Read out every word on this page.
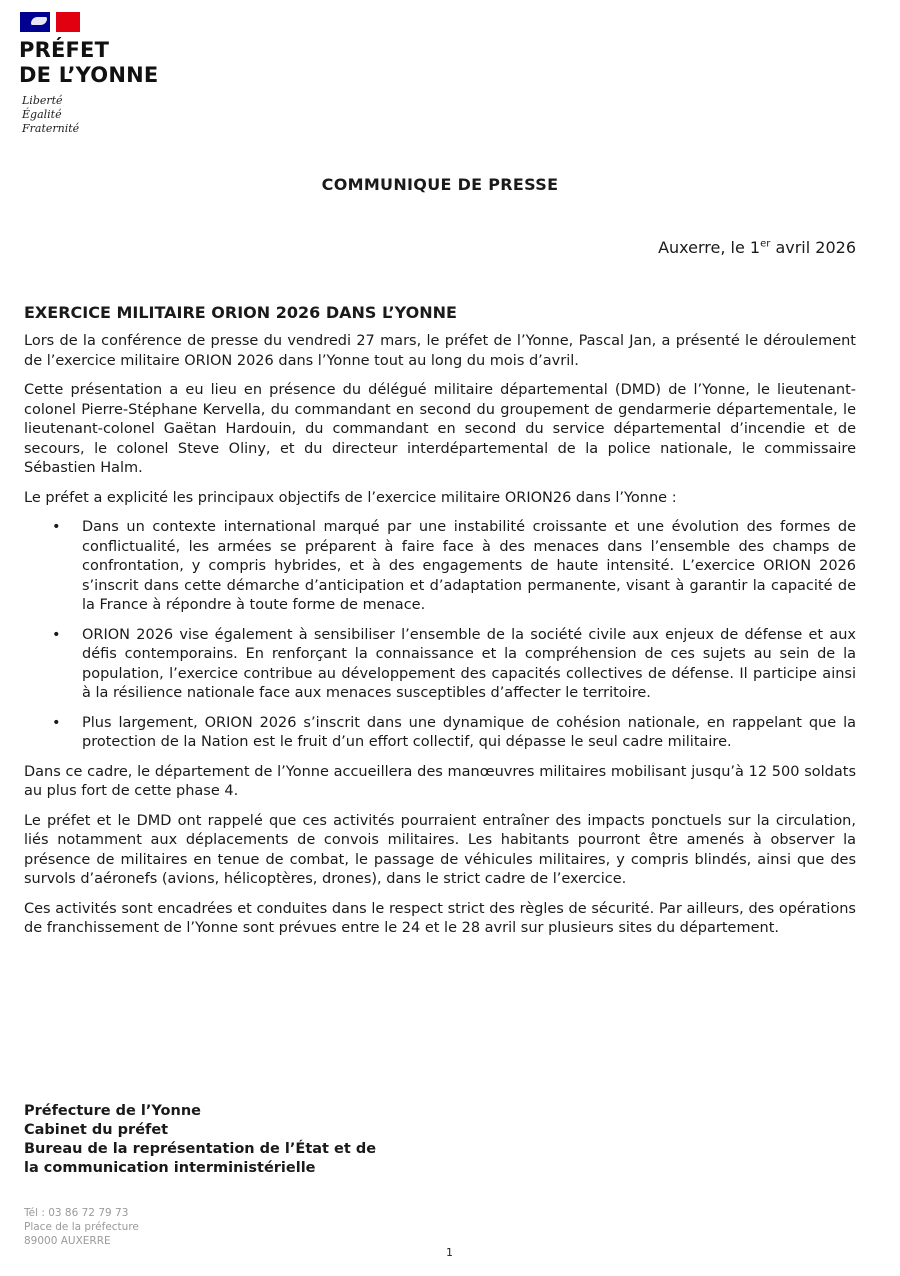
PRÉFET
DE L’YONNE
Liberté
Égalité
Fraternité
COMMUNIQUE DE PRESSE
Auxerre, le 1er avril 2026
EXERCICE MILITAIRE ORION 2026 DANS L’YONNE

Lors de la conférence de presse du vendredi 27 mars, le préfet de l’Yonne, Pascal Jan, a présenté le déroulement de l’exercice militaire ORION 2026 dans l’Yonne tout au long du mois d’avril.

Cette présentation a eu lieu en présence du délégué militaire départemental (DMD) de l’Yonne, le lieutenant-colonel Pierre-Stéphane Kervella, du commandant en second du groupement de gendarmerie départementale, le lieutenant-colonel Gaëtan Hardouin, du commandant en second du service départemental d’incendie et de secours, le colonel Steve Oliny, et du directeur interdépartemental de la police nationale, le commissaire Sébastien Halm.

Le préfet a explicité les principaux objectifs de l’exercice militaire ORION26 dans l’Yonne :

• Dans un contexte international marqué par une instabilité croissante et une évolution des formes de conflictualité, les armées se préparent à faire face à des menaces dans l’ensemble des champs de confrontation, y compris hybrides, et à des engagements de haute intensité. L’exercice ORION 2026 s’inscrit dans cette démarche d’anticipation et d’adaptation permanente, visant à garantir la capacité de la France à répondre à toute forme de menace.
• ORION 2026 vise également à sensibiliser l’ensemble de la société civile aux enjeux de défense et aux défis contemporains. En renforçant la connaissance et la compréhension de ces sujets au sein de la population, l’exercice contribue au développement des capacités collectives de défense. Il participe ainsi à la résilience nationale face aux menaces susceptibles d’affecter le territoire.
• Plus largement, ORION 2026 s’inscrit dans une dynamique de cohésion nationale, en rappelant que la protection de la Nation est le fruit d’un effort collectif, qui dépasse le seul cadre militaire.

Dans ce cadre, le département de l’Yonne accueillera des manœuvres militaires mobilisant jusqu’à 12 500 soldats au plus fort de cette phase 4.

Le préfet et le DMD ont rappelé que ces activités pourraient entraîner des impacts ponctuels sur la circulation, liés notamment aux déplacements de convois militaires. Les habitants pourront être amenés à observer la présence de militaires en tenue de combat, le passage de véhicules militaires, y compris blindés, ainsi que des survols d’aéronefs (avions, hélicoptères, drones), dans le strict cadre de l’exercice.

Ces activités sont encadrées et conduites dans le respect strict des règles de sécurité. Par ailleurs, des opérations de franchissement de l’Yonne sont prévues entre le 24 et le 28 avril sur plusieurs sites du département.

Préfecture de l’Yonne
Cabinet du préfet
Bureau de la représentation de l’État et de
la communication interministérielle
Tél : 03 86 72 79 73
Place de la préfecture
89000 AUXERRE
1
